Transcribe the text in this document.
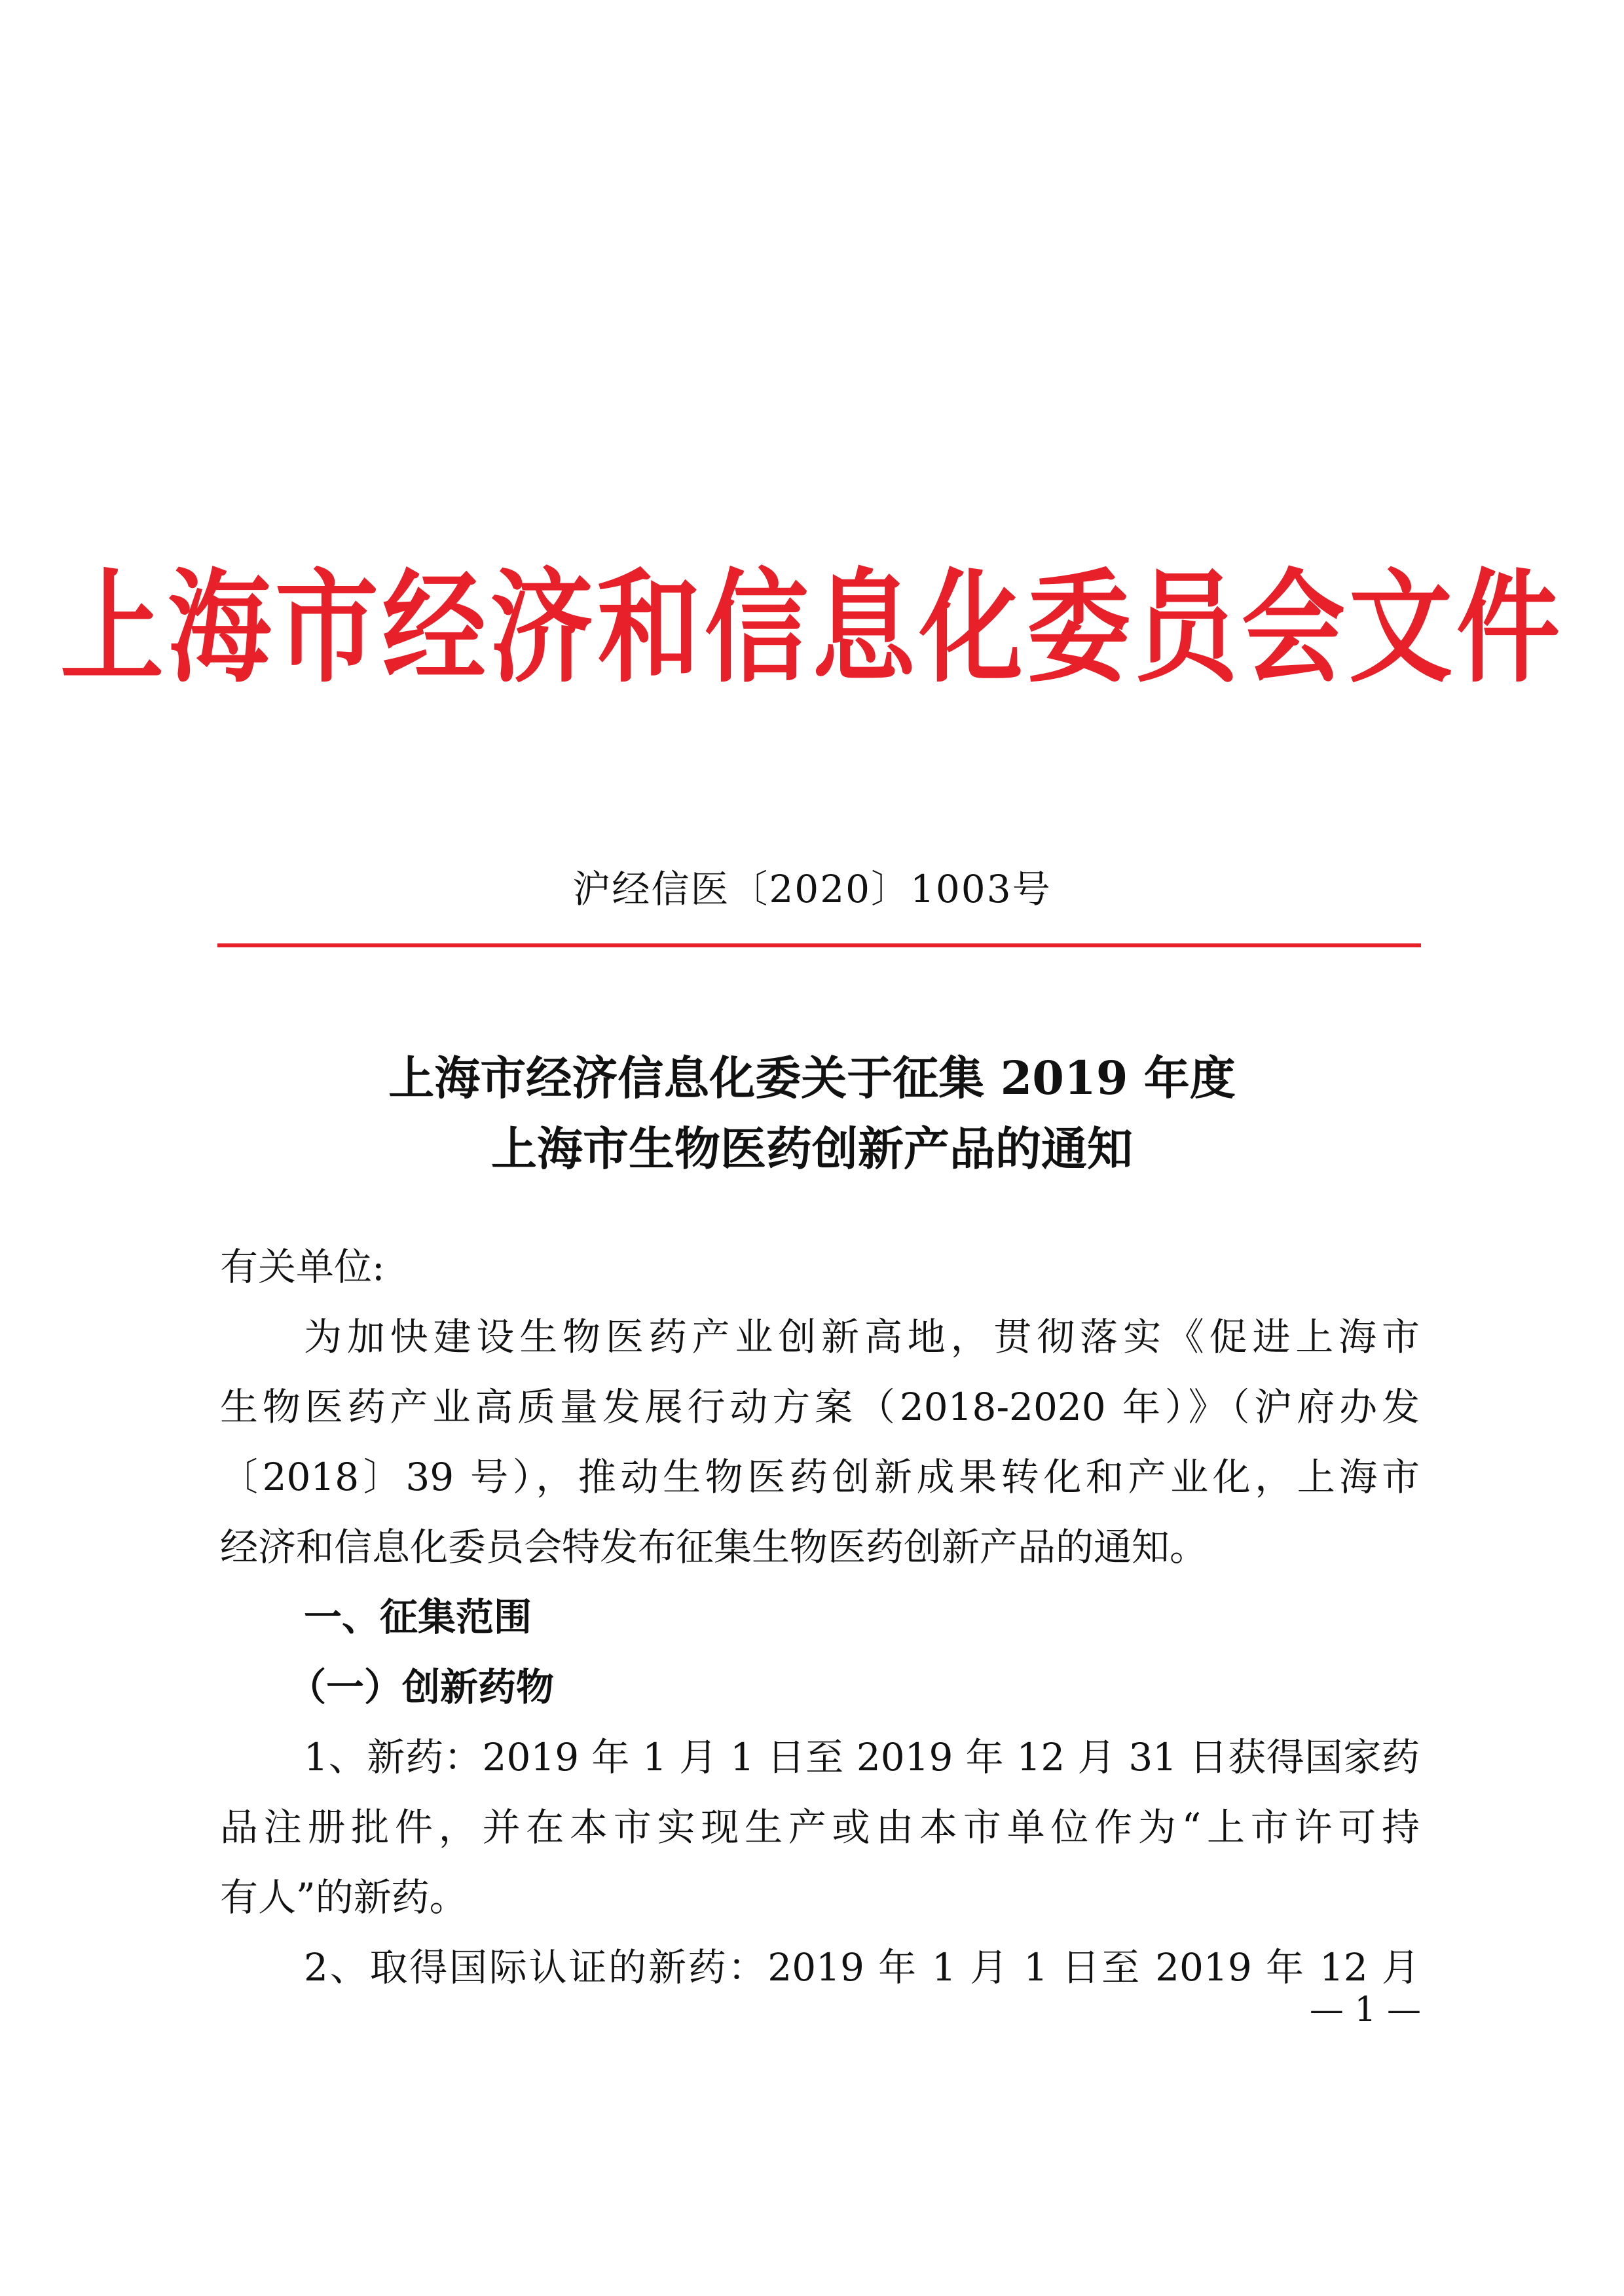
上海市经济和信息化委员会文件
沪经信医〔2020〕1003号
上海市经济信息化委关于征集 2019 年度
上海市生物医药创新产品的通知
有关单位:
为加快建设生物医药产业创新高地，贯彻落实《促进上海市
生物医药产业高质量发展行动方案（2018-2020 年）》（沪府办发
〔2018〕39 号），推动生物医药创新成果转化和产业化，上海市
经济和信息化委员会特发布征集生物医药创新产品的通知。
一、征集范围
（一）创新药物
1、新药：2019 年 1 月 1 日至 2019 年 12 月 31 日获得国家药
品注册批件，并在本市实现生产或由本市单位作为“上市许可持
有人”的新药。
2、取得国际认证的新药：2019 年 1 月 1 日至 2019 年 12 月
— 1 —
